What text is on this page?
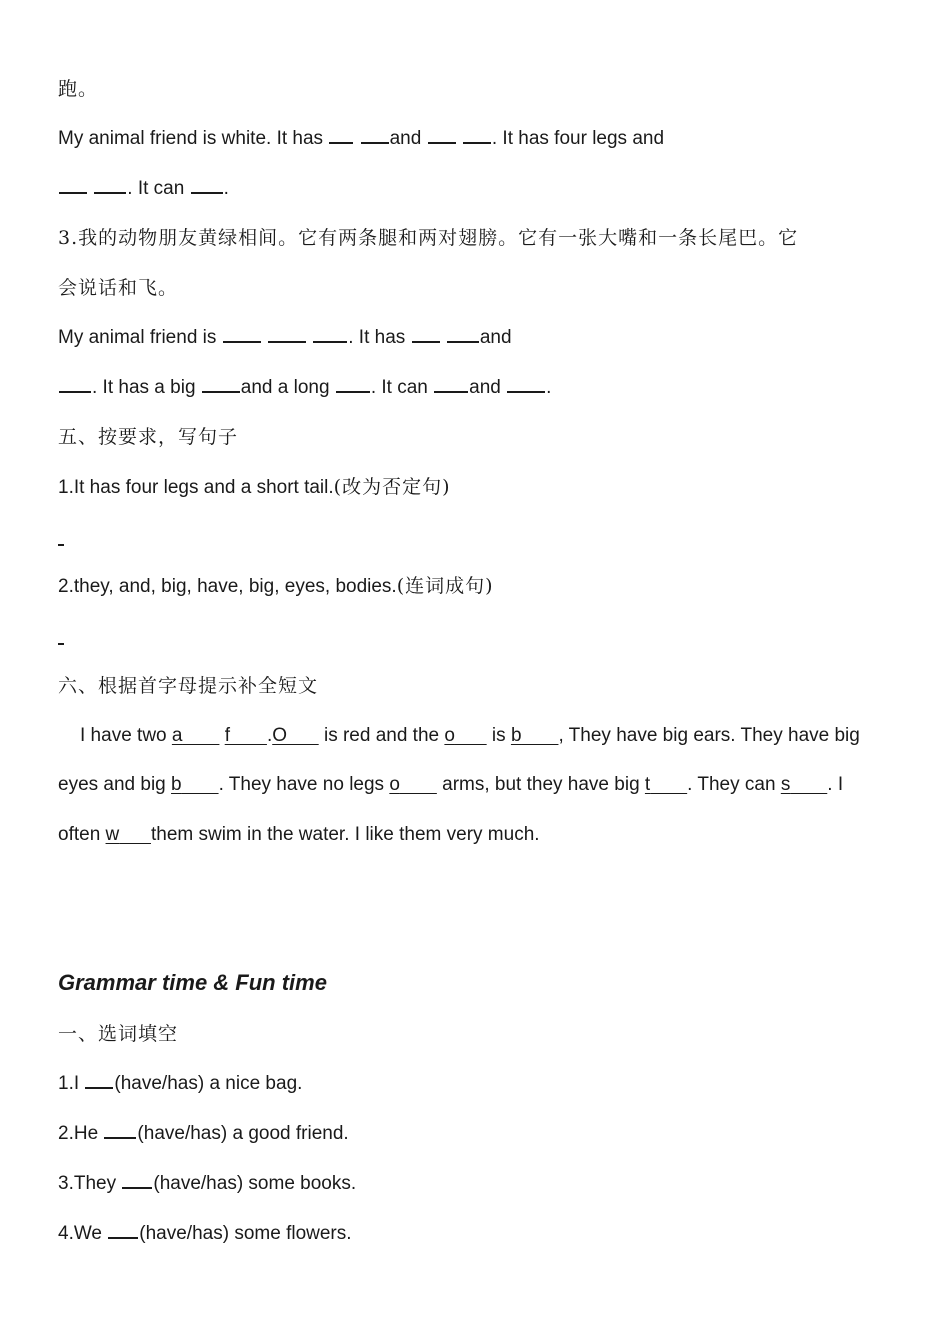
跑。
My animal friend is white. It has	and	. It has four legs and
. It can .
3.我的动物朋友黄绿相间。它有两条腿和两对翅膀。它有一张大嘴和一条长尾巴。它
会说话和飞。
My animal friend is	. It has	and
. It has a big and a long . It can and .
五、按要求，写句子
1.It has four legs and a short tail.(改为否定句)
2.they, and, big, have, big, eyes, bodies.(连词成句)
六、根据首字母提示补全短文
I have two a f .O       is red and the o       is b , They have big ears. They have big
eyes and big b . They have no legs o        arms, but they have big t . They can s . I
often w them swim in the water. I like them very much.
Grammar time & Fun time
一、选词填空
1.I (have/has) a nice bag.
2.He (have/has) a good friend.
3.They (have/has) some books.
4.We (have/has) some flowers.
